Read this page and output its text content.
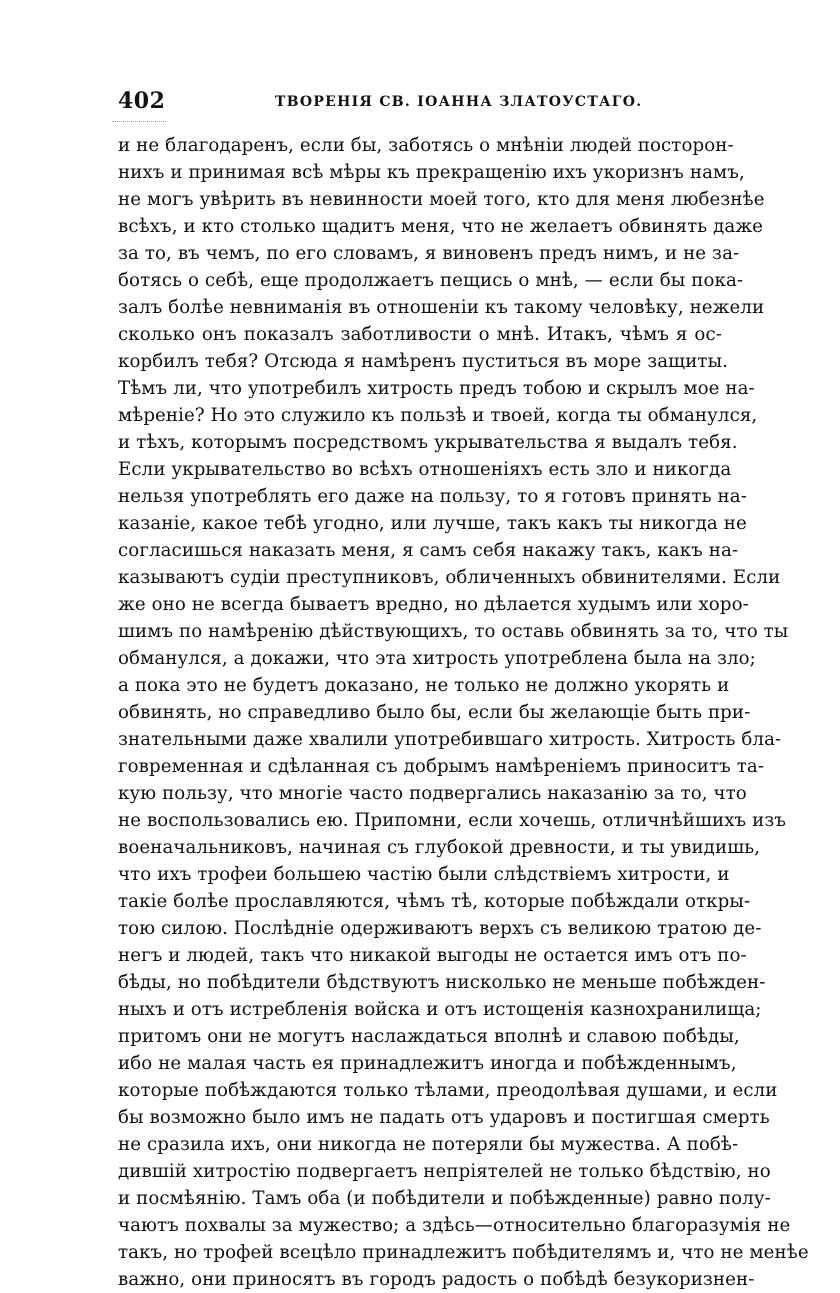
402	ТВОРЕНІЯ СВ. ІОАННА ЗЛАТОУСТАГО.
и не благодаренъ, если бы, заботясь о мнѣніи людей посторон-
нихъ и принимая всѣ мѣры къ прекращенію ихъ укоризнъ намъ,
не могъ увѣрить въ невинности моей того, кто для меня любезнѣе
всѣхъ, и кто столько щадитъ меня, что не желаетъ обвинять даже
за то, въ чемъ, по его словамъ, я виновенъ предъ нимъ, и не за-
ботясь о себѣ, еще продолжаетъ пещись о мнѣ, — если бы пока-
залъ болѣе невниманія въ отношеніи къ такому человѣку, нежели
сколько онъ показалъ заботливости о мнѣ. Итакъ, чѣмъ я ос-
корбилъ тебя? Отсюда я намѣренъ пуститься въ море защиты.
Тѣмъ ли, что употребилъ хитрость предъ тобою и скрылъ мое на-
мѣреніе? Но это служило къ пользѣ и твоей, когда ты обманулся,
и тѣхъ, которымъ посредствомъ укрывательства я выдалъ тебя.
Если укрывательство во всѣхъ отношеніяхъ есть зло и никогда
нельзя употреблять его даже на пользу, то я готовъ принять на-
казаніе, какое тебѣ угодно, или лучше, такъ какъ ты никогда не
согласишься наказать меня, я самъ себя накажу такъ, какъ на-
казываютъ судіи преступниковъ, обличенныхъ обвинителями. Если
же оно не всегда бываетъ вредно, но дѣлается худымъ или хоро-
шимъ по намѣренію дѣйствующихъ, то оставь обвинять за то, что ты
обманулся, а докажи, что эта хитрость употреблена была на зло;
а пока это не будетъ доказано, не только не должно укорять и
обвинять, но справедливо было бы, если бы желающіе быть при-
знательными даже хвалили употребившаго хитрость. Хитрость бла-
говременная и сдѣланная съ добрымъ намѣреніемъ приноситъ та-
кую пользу, что многіе часто подвергались наказанію за то, что
не воспользовались ею. Припомни, если хочешь, отличнѣйшихъ изъ
военачальниковъ, начиная съ глубокой древности, и ты увидишь,
что ихъ трофеи большею частію были слѣдствіемъ хитрости, и
такіе болѣе прославляются, чѣмъ тѣ, которые побѣждали откры-
тою силою. Послѣдніе одерживаютъ верхъ съ великою тратою де-
негъ и людей, такъ что никакой выгоды не остается имъ отъ по-
бѣды, но побѣдители бѣдствуютъ нисколько не меньше побѣжден-
ныхъ и отъ истребленія войска и отъ истощенія казнохранилища;
притомъ они не могутъ наслаждаться вполнѣ и славою побѣды,
ибо не малая часть ея принадлежитъ иногда и побѣжденнымъ,
которые побѣждаются только тѣлами, преодолѣвая душами, и если
бы возможно было имъ не падать отъ ударовъ и постигшая смерть
не сразила ихъ, они никогда не потеряли бы мужества. А побѣ-
дившій хитростію подвергаетъ непріятелей не только бѣдствію, но
и посмѣянію. Тамъ оба (и побѣдители и побѣжденные) равно полу-
чаютъ похвалы за мужество; а здѣсь—относительно благоразумія не
такъ, но трофей всецѣло принадлежитъ побѣдителямъ и, что не менѣе
важно, они приносятъ въ городъ радость о побѣдѣ безукоризнен-
